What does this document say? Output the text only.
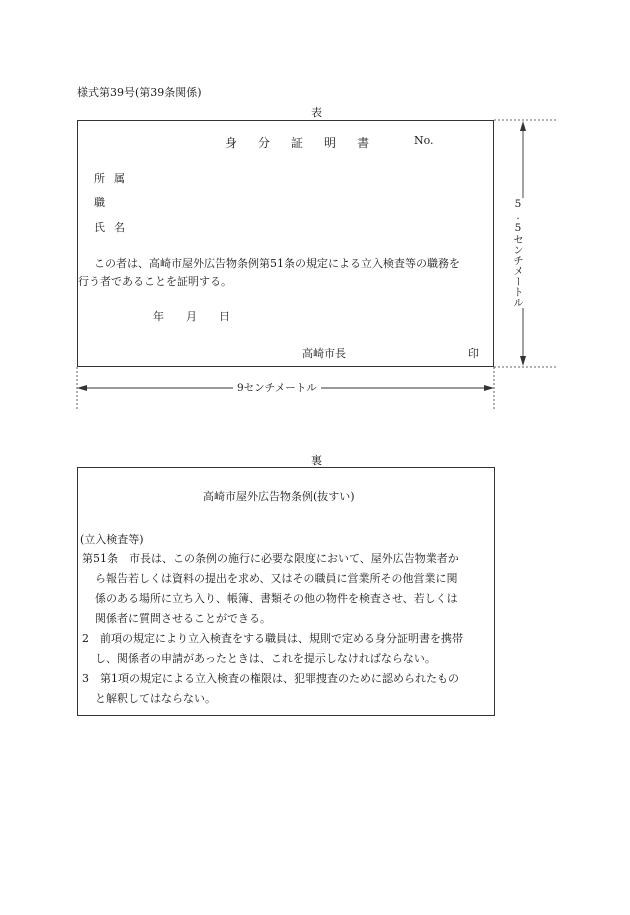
様式第39号(第39条関係)
表
5.5センチメートル
9センチメートル
身 分 証 明 書	No.
所 属
職
氏 名
この者は、高崎市屋外広告物条例第51条の規定による立入検査等の職務を
行う者であることを証明する。
年 月 日
高崎市長	印
裏
高崎市屋外広告物条例(抜すい)
(立入検査等)
第51条　市長は、この条例の施行に必要な限度において、屋外広告物業者か
ら報告若しくは資料の提出を求め、又はその職員に営業所その他営業に関
係のある場所に立ち入り、帳簿、書類その他の物件を検査させ、若しくは
関係者に質問させることができる。
2　前項の規定により立入検査をする職員は、規則で定める身分証明書を携帯
し、関係者の申請があったときは、これを提示しなければならない。
3　第1項の規定による立入検査の権限は、犯罪捜査のために認められたもの
と解釈してはならない。
